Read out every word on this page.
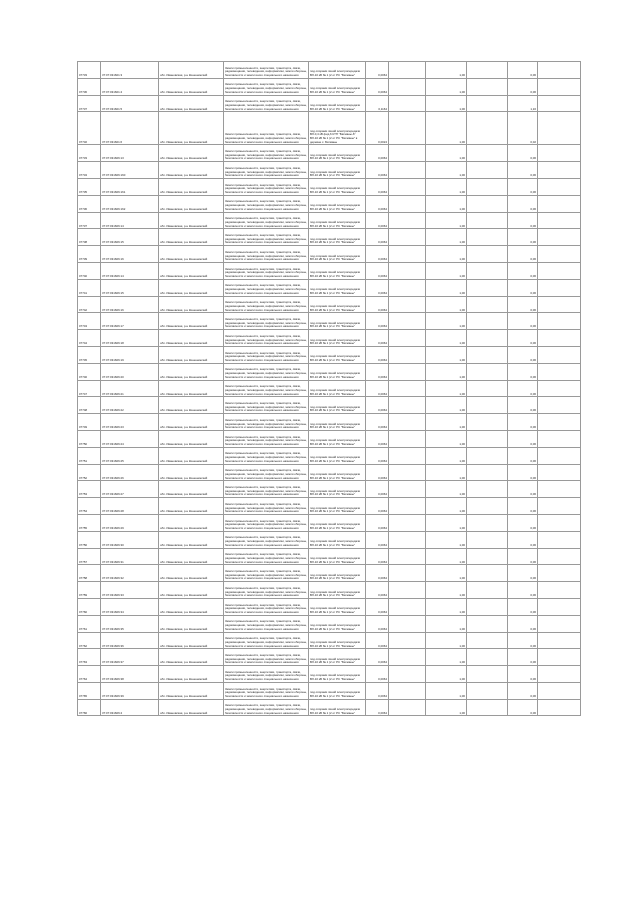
07733	37:07:031601:3	обл. Ивановская, р-н Кинешемский	Земли промышленности, энергетики, транспорта, связи, радиовещания, телевидения, информатики, земли обороны, безопасности и земли иного специального назначения	под опорами линий электропередачи ВЛ-10 кВ № 1 (2 от РС "Батманы"	0,0064		1,00		0,06	
07736	37:07:031601:4	обл. Ивановская, р-н Кинешемский	Земли промышленности, энергетики, транспорта, связи, радиовещания, телевидения, информатики, земли обороны, безопасности и земли иного специального назначения	под опорами линий электропередачи ВЛ-10 кВ № 1 (2 от РС "Батманы"	0,0064		1,00		0,06	
07737	37:07:031601:5	обл. Ивановская, р-н Кинешемский	Земли промышленности, энергетики, транспорта, связи, радиовещания, телевидения, информатики, земли обороны, безопасности и земли иного специального назначения	под опорами линий электропередачи ВЛ-10 кВ № 1 (2 от РС "Батманы"	0,1164		1,00		1,16	
07732	37:07:031601:6	обл. Ивановская, р-н Кинешемский	Земли промышленности, энергетики, транспорта, связи, радиовещания, телевидения, информатики, земли обороны, безопасности и земли иного специального назначения	под опорами линий электропередачи ВЛ-0,4 кВ фид.6 КТП "Батманы-6" ВЛ-10 кВ № 1 (2 от РС "Батманы" в деревне с. Батманы	0,0024		1,00		0,02	
07733	37:07:031606:13	обл. Ивановская, р-н Кинешемский	Земли промышленности, энергетики, транспорта, связи, радиовещания, телевидения, информатики, земли обороны, безопасности и земли иного специального назначения	под опорами линий электропередачи ВЛ-10 кВ № 1 (2 от РС "Батманы"	0,0064		1,00		0,06	
07734	37:07:031606:160	обл. Ивановская, р-н Кинешемский	Земли промышленности, энергетики, транспорта, связи, радиовещания, телевидения, информатики, земли обороны, безопасности и земли иного специального назначения	под опорами линий электропередачи ВЛ-10 кВ № 1 (2 от РС "Батманы"	0,0064		1,00		0,06	
07735	37:07:031606:161	обл. Ивановская, р-н Кинешемский	Земли промышленности, энергетики, транспорта, связи, радиовещания, телевидения, информатики, земли обороны, безопасности и земли иного специального назначения	под опорами линий электропередачи ВЛ-10 кВ № 1 (2 от РС "Батманы"	0,0064		1,00		0,06	
07736	37:07:031606:162	обл. Ивановская, р-н Кинешемский	Земли промышленности, энергетики, транспорта, связи, радиовещания, телевидения, информатики, земли обороны, безопасности и земли иного специального назначения	под опорами линий электропередачи ВЛ-10 кВ № 1 (2 от РС "Батманы"	0,0064		1,00		0,06	
07737	37:07:031606:14	обл. Ивановская, р-н Кинешемский	Земли промышленности, энергетики, транспорта, связи, радиовещания, телевидения, информатики, земли обороны, безопасности и земли иного специального назначения	под опорами линий электропередачи ВЛ-10 кВ № 1 (2 от РС "Батманы"	0,0064		1,00		0,06	
07738	37:07:031606:15	обл. Ивановская, р-н Кинешемский	Земли промышленности, энергетики, транспорта, связи, радиовещания, телевидения, информатики, земли обороны, безопасности и земли иного специального назначения	под опорами линий электропередачи ВЛ-10 кВ № 1 (2 от РС "Батманы"	0,0064		1,00		0,06	
07739	37:07:031606:16	обл. Ивановская, р-н Кинешемский	Земли промышленности, энергетики, транспорта, связи, радиовещания, телевидения, информатики, земли обороны, безопасности и земли иного специального назначения	под опорами линий электропередачи ВЛ-10 кВ № 1 (2 от РС "Батманы"	0,0064		1,00		0,06	
07740	37:07:031606:14	обл. Ивановская, р-н Кинешемский	Земли промышленности, энергетики, транспорта, связи, радиовещания, телевидения, информатики, земли обороны, безопасности и земли иного специального назначения	под опорами линий электропередачи ВЛ-10 кВ № 1 (2 от РС "Батманы"	0,0064		1,00		0,06	
07741	37:07:031606:15	обл. Ивановская, р-н Кинешемский	Земли промышленности, энергетики, транспорта, связи, радиовещания, телевидения, информатики, земли обороны, безопасности и земли иного специального назначения	под опорами линий электропередачи ВЛ-10 кВ № 1 (2 от РС "Батманы"	0,0064		1,00		0,06	
07742	37:07:031606:16	обл. Ивановская, р-н Кинешемский	Земли промышленности, энергетики, транспорта, связи, радиовещания, телевидения, информатики, земли обороны, безопасности и земли иного специального назначения	под опорами линий электропередачи ВЛ-10 кВ № 1 (2 от РС "Батманы"	0,0064		1,00		0,06	
07743	37:07:031606:17	обл. Ивановская, р-н Кинешемский	Земли промышленности, энергетики, транспорта, связи, радиовещания, телевидения, информатики, земли обороны, безопасности и земли иного специального назначения	под опорами линий электропередачи ВЛ-10 кВ № 1 (2 от РС "Батманы"	0,0064		1,00		0,06	
07744	37:07:031606:18	обл. Ивановская, р-н Кинешемский	Земли промышленности, энергетики, транспорта, связи, радиовещания, телевидения, информатики, земли обороны, безопасности и земли иного специального назначения	под опорами линий электропередачи ВЛ-10 кВ № 1 (2 от РС "Батманы"	0,0064		1,00		0,06	
07745	37:07:031606:19	обл. Ивановская, р-н Кинешемский	Земли промышленности, энергетики, транспорта, связи, радиовещания, телевидения, информатики, земли обороны, безопасности и земли иного специального назначения	под опорами линий электропередачи ВЛ-10 кВ № 1 (2 от РС "Батманы"	0,0064		1,00		0,06	
07746	37:07:031606:20	обл. Ивановская, р-н Кинешемский	Земли промышленности, энергетики, транспорта, связи, радиовещания, телевидения, информатики, земли обороны, безопасности и земли иного специального назначения	под опорами линий электропередачи ВЛ-10 кВ № 1 (2 от РС "Батманы"	0,0064		1,00		0,06	
07747	37:07:031606:21	обл. Ивановская, р-н Кинешемский	Земли промышленности, энергетики, транспорта, связи, радиовещания, телевидения, информатики, земли обороны, безопасности и земли иного специального назначения	под опорами линий электропередачи ВЛ-10 кВ № 1 (2 от РС "Батманы"	0,0064		1,00		0,06	
07748	37:07:031606:22	обл. Ивановская, р-н Кинешемский	Земли промышленности, энергетики, транспорта, связи, радиовещания, телевидения, информатики, земли обороны, безопасности и земли иного специального назначения	под опорами линий электропередачи ВЛ-10 кВ № 1 (2 от РС "Батманы"	0,0064		1,00		0,06	
07749	37:07:031606:23	обл. Ивановская, р-н Кинешемский	Земли промышленности, энергетики, транспорта, связи, радиовещания, телевидения, информатики, земли обороны, безопасности и земли иного специального назначения	под опорами линий электропередачи ВЛ-10 кВ № 1 (2 от РС "Батманы"	0,0064		1,00		0,06	
07750	37:07:031606:24	обл. Ивановская, р-н Кинешемский	Земли промышленности, энергетики, транспорта, связи, радиовещания, телевидения, информатики, земли обороны, безопасности и земли иного специального назначения	под опорами линий электропередачи ВЛ-10 кВ № 1 (2 от РС "Батманы"	0,0064		1,00		0,06	
07751	37:07:031606:25	обл. Ивановская, р-н Кинешемский	Земли промышленности, энергетики, транспорта, связи, радиовещания, телевидения, информатики, земли обороны, безопасности и земли иного специального назначения	под опорами линий электропередачи ВЛ-10 кВ № 1 (2 от РС "Батманы"	0,0064		1,00		0,06	
07752	37:07:031606:26	обл. Ивановская, р-н Кинешемский	Земли промышленности, энергетики, транспорта, связи, радиовещания, телевидения, информатики, земли обороны, безопасности и земли иного специального назначения	под опорами линий электропередачи ВЛ-10 кВ № 1 (2 от РС "Батманы"	0,0064		1,00		0,06	
07753	37:07:031606:27	обл. Ивановская, р-н Кинешемский	Земли промышленности, энергетики, транспорта, связи, радиовещания, телевидения, информатики, земли обороны, безопасности и земли иного специального назначения	под опорами линий электропередачи ВЛ-10 кВ № 1 (2 от РС "Батманы"	0,0064		1,00		0,06	
07754	37:07:031606:28	обл. Ивановская, р-н Кинешемский	Земли промышленности, энергетики, транспорта, связи, радиовещания, телевидения, информатики, земли обороны, безопасности и земли иного специального назначения	под опорами линий электропередачи ВЛ-10 кВ № 1 (2 от РС "Батманы"	0,0064		1,00		0,06	
07755	37:07:031606:29	обл. Ивановская, р-н Кинешемский	Земли промышленности, энергетики, транспорта, связи, радиовещания, телевидения, информатики, земли обороны, безопасности и земли иного специального назначения	под опорами линий электропередачи ВЛ-10 кВ № 1 (2 от РС "Батманы"	0,0064		1,00		0,06	
07756	37:07:031606:30	обл. Ивановская, р-н Кинешемский	Земли промышленности, энергетики, транспорта, связи, радиовещания, телевидения, информатики, земли обороны, безопасности и земли иного специального назначения	под опорами линий электропередачи ВЛ-10 кВ № 1 (2 от РС "Батманы"	0,0064		1,00		0,06	
07757	37:07:031606:31	обл. Ивановская, р-н Кинешемский	Земли промышленности, энергетики, транспорта, связи, радиовещания, телевидения, информатики, земли обороны, безопасности и земли иного специального назначения	под опорами линий электропередачи ВЛ-10 кВ № 1 (2 от РС "Батманы"	0,0064		1,00		0,06	
07758	37:07:031606:32	обл. Ивановская, р-н Кинешемский	Земли промышленности, энергетики, транспорта, связи, радиовещания, телевидения, информатики, земли обороны, безопасности и земли иного специального назначения	под опорами линий электропередачи ВЛ-10 кВ № 1 (2 от РС "Батманы"	0,0064		1,00		0,06	
07759	37:07:031606:33	обл. Ивановская, р-н Кинешемский	Земли промышленности, энергетики, транспорта, связи, радиовещания, телевидения, информатики, земли обороны, безопасности и земли иного специального назначения	под опорами линий электропередачи ВЛ-10 кВ № 1 (2 от РС "Батманы"	0,0064		1,00		0,06	
07760	37:07:031606:34	обл. Ивановская, р-н Кинешемский	Земли промышленности, энергетики, транспорта, связи, радиовещания, телевидения, информатики, земли обороны, безопасности и земли иного специального назначения	под опорами линий электропередачи ВЛ-10 кВ № 1 (2 от РС "Батманы"	0,0064		1,00		0,06	
07761	37:07:031606:35	обл. Ивановская, р-н Кинешемский	Земли промышленности, энергетики, транспорта, связи, радиовещания, телевидения, информатики, земли обороны, безопасности и земли иного специального назначения	под опорами линий электропередачи ВЛ-10 кВ № 1 (2 от РС "Батманы"	0,0064		1,00		0,06	
07762	37:07:031606:36	обл. Ивановская, р-н Кинешемский	Земли промышленности, энергетики, транспорта, связи, радиовещания, телевидения, информатики, земли обороны, безопасности и земли иного специального назначения	под опорами линий электропередачи ВЛ-10 кВ № 1 (2 от РС "Батманы"	0,0064		1,00		0,06	
07763	37:07:031606:37	обл. Ивановская, р-н Кинешемский	Земли промышленности, энергетики, транспорта, связи, радиовещания, телевидения, информатики, земли обороны, безопасности и земли иного специального назначения	под опорами линий электропередачи ВЛ-10 кВ № 1 (2 от РС "Батманы"	0,0064		1,00		0,06	
07764	37:07:031606:38	обл. Ивановская, р-н Кинешемский	Земли промышленности, энергетики, транспорта, связи, радиовещания, телевидения, информатики, земли обороны, безопасности и земли иного специального назначения	под опорами линий электропередачи ВЛ-10 кВ № 1 (2 от РС "Батманы"	0,0064		1,00		0,06	
07765	37:07:031606:39	обл. Ивановская, р-н Кинешемский	Земли промышленности, энергетики, транспорта, связи, радиовещания, телевидения, информатики, земли обороны, безопасности и земли иного специального назначения	под опорами линий электропередачи ВЛ-10 кВ № 1 (2 от РС "Батманы"	0,0064		1,00		0,06	
07766	37:07:031606:4	обл. Ивановская, р-н Кинешемский	Земли промышленности, энергетики, транспорта, связи, радиовещания, телевидения, информатики, земли обороны, безопасности и земли иного специального назначения	под опорами линий электропередачи ВЛ-10 кВ № 1 (2 от РС "Батманы"	0,0064		1,00		0,06	
